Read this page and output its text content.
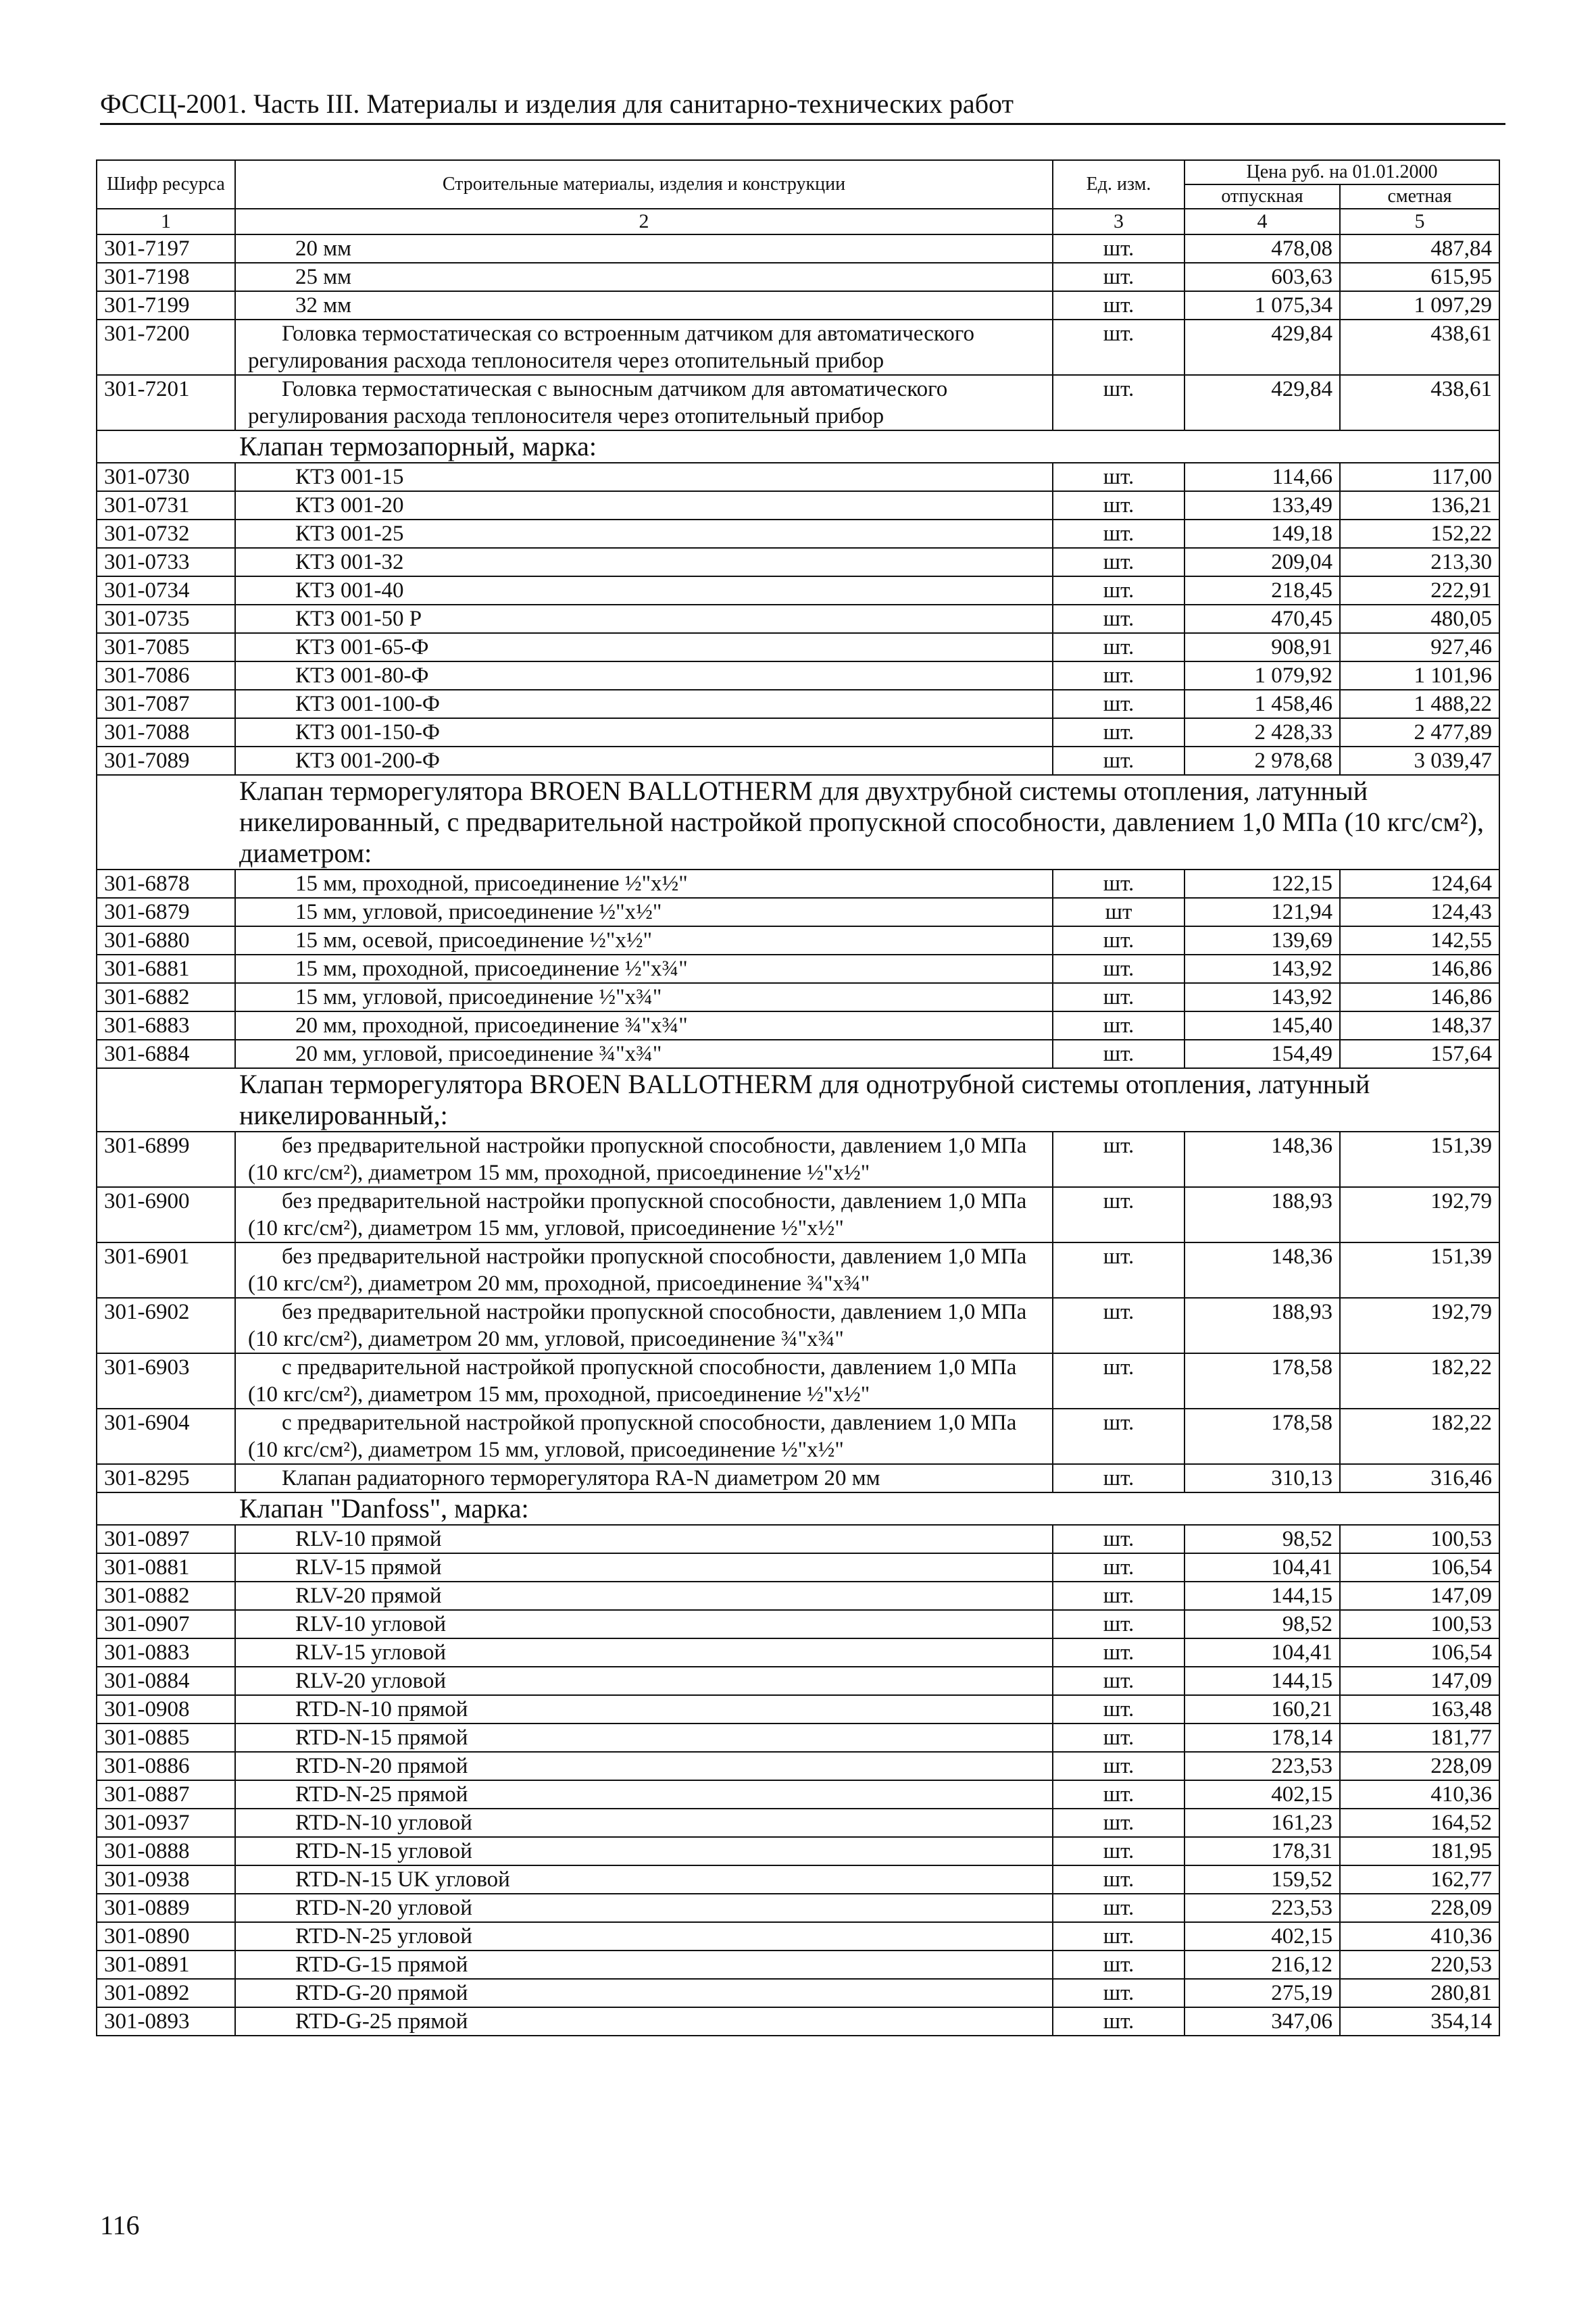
ФССЦ-2001. Часть III. Материалы и изделия для санитарно-технических работ
Шифр ресурса	Строительные материалы, изделия и конструкции	Ед. изм.	Цена руб. на 01.01.2000	
			отпускная	сметная
1	2	3	4	5
301-7197	20 мм	шт.	478,08	487,84
301-7198	25 мм	шт.	603,63	615,95
301-7199	32 мм	шт.	1 075,34	1 097,29
301-7200	Головка термостатическая со встроенным датчиком для автоматического регулирования расхода теплоносителя через отопительный прибор	шт.	429,84	438,61
301-7201	Головка термостатическая с выносным датчиком для автоматического регулирования расхода теплоносителя через отопительный прибор	шт.	429,84	438,61
Клапан термозапорный, марка:				
301-0730	КТЗ 001-15	шт.	114,66	117,00
301-0731	КТЗ 001-20	шт.	133,49	136,21
301-0732	КТЗ 001-25	шт.	149,18	152,22
301-0733	КТЗ 001-32	шт.	209,04	213,30
301-0734	КТЗ 001-40	шт.	218,45	222,91
301-0735	КТЗ 001-50 Р	шт.	470,45	480,05
301-7085	КТЗ 001-65-Ф	шт.	908,91	927,46
301-7086	КТЗ 001-80-Ф	шт.	1 079,92	1 101,96
301-7087	КТЗ 001-100-Ф	шт.	1 458,46	1 488,22
301-7088	КТЗ 001-150-Ф	шт.	2 428,33	2 477,89
301-7089	КТЗ 001-200-Ф	шт.	2 978,68	3 039,47
Клапан терморегулятора BROEN BALLOTHERM для двухтрубной системы отопления, латунный никелированный, с предварительной настройкой пропускной способности, давлением 1,0 МПа (10 кгс/см²), диаметром:				
301-6878	15 мм, проходной, присоединение ½"x½"	шт.	122,15	124,64
301-6879	15 мм, угловой, присоединение ½"x½"	шт	121,94	124,43
301-6880	15 мм, осевой, присоединение ½"x½"	шт.	139,69	142,55
301-6881	15 мм, проходной, присоединение ½"x¾"	шт.	143,92	146,86
301-6882	15 мм, угловой, присоединение ½"x¾"	шт.	143,92	146,86
301-6883	20 мм, проходной, присоединение ¾"x¾"	шт.	145,40	148,37
301-6884	20 мм, угловой, присоединение ¾"x¾"	шт.	154,49	157,64
Клапан терморегулятора BROEN BALLOTHERM для однотрубной системы отопления, латунный никелированный,:				
301-6899	без предварительной настройки пропускной способности, давлением 1,0 МПа (10 кгс/см²), диаметром 15 мм, проходной, присоединение ½"x½"	шт.	148,36	151,39
301-6900	без предварительной настройки пропускной способности, давлением 1,0 МПа (10 кгс/см²), диаметром 15 мм, угловой, присоединение ½"x½"	шт.	188,93	192,79
301-6901	без предварительной настройки пропускной способности, давлением 1,0 МПа (10 кгс/см²), диаметром 20 мм, проходной, присоединение ¾"x¾"	шт.	148,36	151,39
301-6902	без предварительной настройки пропускной способности, давлением 1,0 МПа (10 кгс/см²), диаметром 20 мм, угловой, присоединение ¾"x¾"	шт.	188,93	192,79
301-6903	с предварительной настройкой пропускной способности, давлением 1,0 МПа (10 кгс/см²), диаметром 15 мм, проходной, присоединение ½"x½"	шт.	178,58	182,22
301-6904	с предварительной настройкой пропускной способности, давлением 1,0 МПа (10 кгс/см²), диаметром 15 мм, угловой, присоединение ½"x½"	шт.	178,58	182,22
301-8295	Клапан радиаторного терморегулятора RA-N диаметром 20 мм	шт.	310,13	316,46
Клапан "Danfoss", марка:				
301-0897	RLV-10 прямой	шт.	98,52	100,53
301-0881	RLV-15 прямой	шт.	104,41	106,54
301-0882	RLV-20 прямой	шт.	144,15	147,09
301-0907	RLV-10 угловой	шт.	98,52	100,53
301-0883	RLV-15 угловой	шт.	104,41	106,54
301-0884	RLV-20 угловой	шт.	144,15	147,09
301-0908	RTD-N-10 прямой	шт.	160,21	163,48
301-0885	RTD-N-15 прямой	шт.	178,14	181,77
301-0886	RTD-N-20 прямой	шт.	223,53	228,09
301-0887	RTD-N-25 прямой	шт.	402,15	410,36
301-0937	RTD-N-10 угловой	шт.	161,23	164,52
301-0888	RTD-N-15 угловой	шт.	178,31	181,95
301-0938	RTD-N-15 UK угловой	шт.	159,52	162,77
301-0889	RTD-N-20 угловой	шт.	223,53	228,09
301-0890	RTD-N-25 угловой	шт.	402,15	410,36
301-0891	RTD-G-15 прямой	шт.	216,12	220,53
301-0892	RTD-G-20 прямой	шт.	275,19	280,81
301-0893	RTD-G-25 прямой	шт.	347,06	354,14
116
